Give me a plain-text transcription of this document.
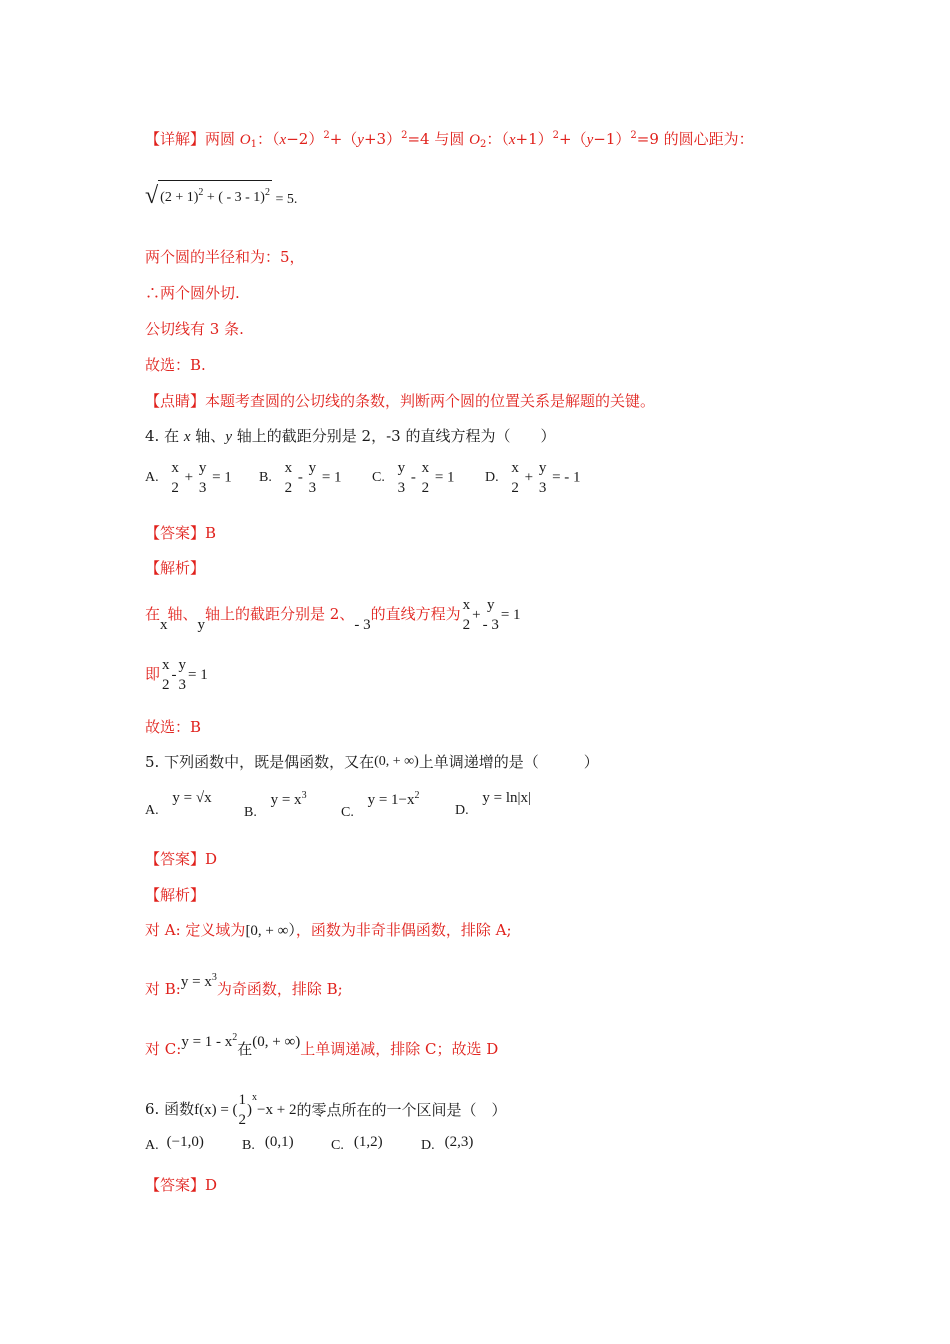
【详解】两圆 $O_1$：$(x-2)^2+(y+3)^2=4$ 与圆 $O_2$：$(x+1)^2+(y-1)^2=9$ 的圆心距为：
√ $(2 + 1)^2$ + ( - 3 - 1)$^2$ = 5.
两个圆的半径和为：5，
∴两个圆外切.
公切线有 3 条.
故选：B.
【点睛】本题考查圆的公切线的条数，判断两个圆的位置关系是解题的关键。
4. 在 x 轴、y 轴上的截距分别是 2，-3 的直线方程为（　　）
A.
x
2
+
y
3
= 1 B.
x
2
-
y
3
= 1 C.
y
3
-
x
2
= 1 D.
x
2
+
y
3
= - 1
【答案】B
【解析】
在x轴、y轴上的截距分别是 2、- 3的直线方程为 x
2
+
y
- 3
= 1
即 x
2
-
y
3
= 1
故选：B
5. 下列函数中，既是偶函数，又在(0, + ∞)上单调递增的是（　　　）
A. y = √x
B. $y = x^3$
C. $y = 1-x^2$
D. y = ln|x|
【答案】D
【解析】
对 A: 定义域为[0, + ∞），函数为非奇非偶函数，排除 A;
对 B:y = $x^3$为奇函数，排除 B;
对 C:y = $1 - x^2$在(0, + ∞)上单调递减，排除 C；故选 D
6. 函数f(x) = (
1
2
)$^x$−x + 2的零点所在的一个区间是（　）
A. (−1,0)	B. (0,1)	C. (1,2)	D. (2,3)
【答案】D
